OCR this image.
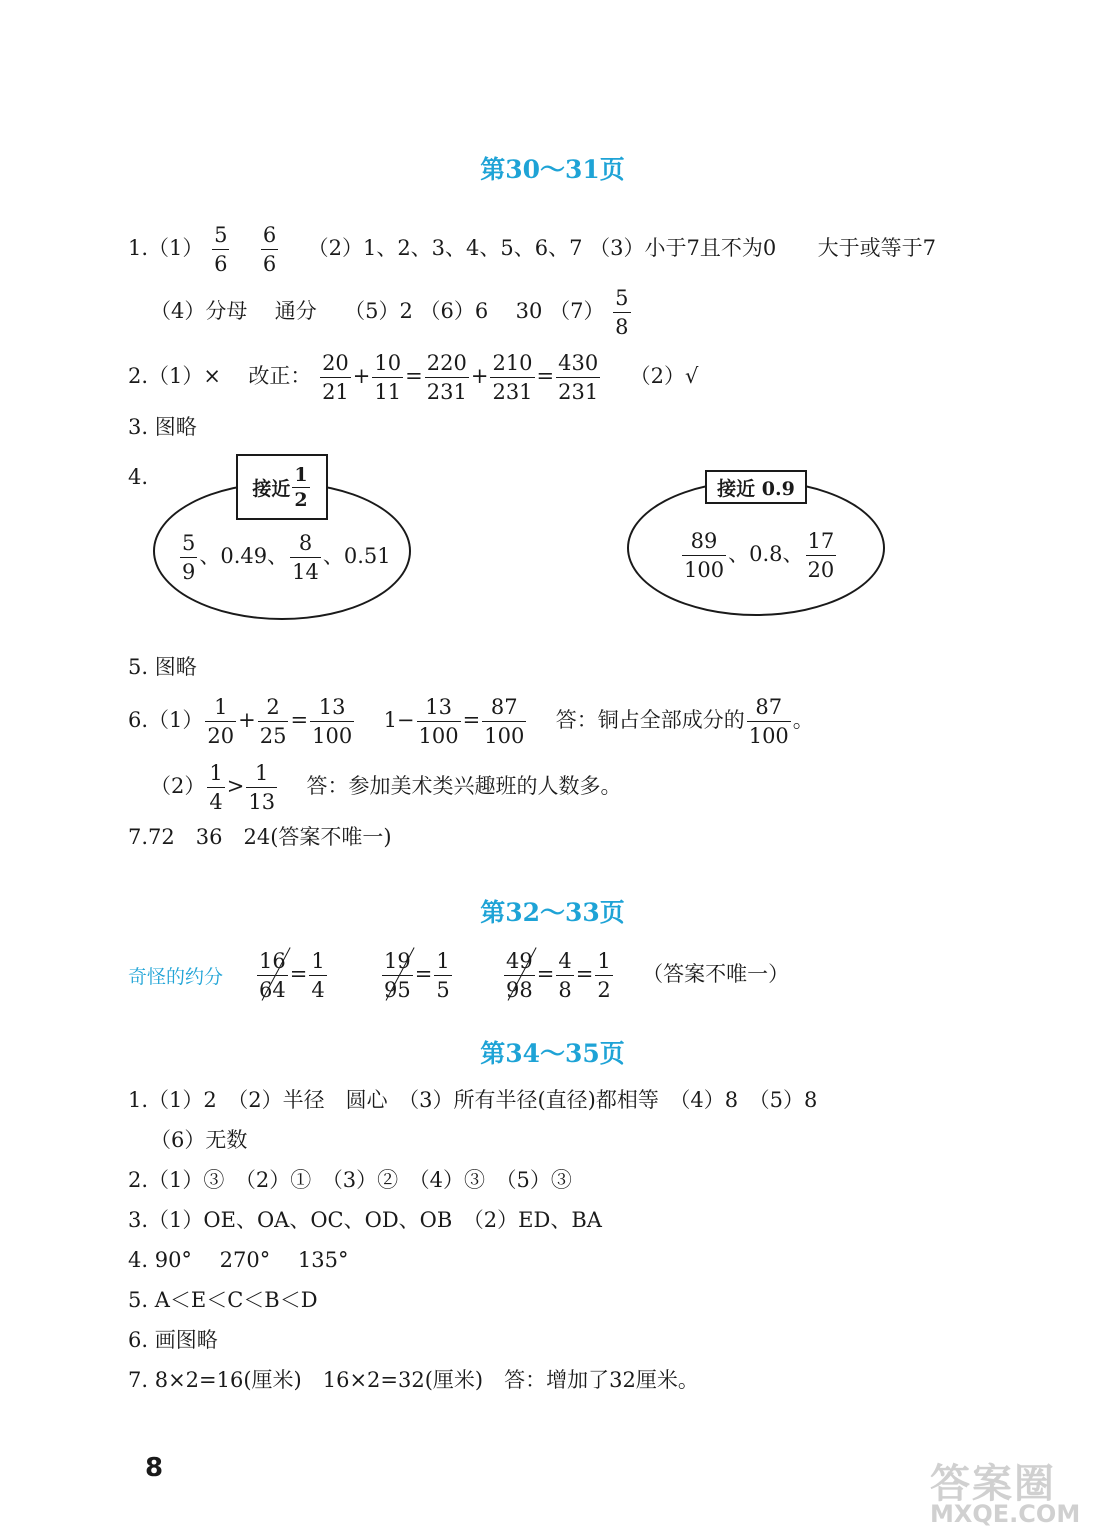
第30～31页
$1.(1) \frac{5}{6}$
$\frac{6}{6} (2)1$、2、3、4、5、6、7 （3）小于7且不为0 大于或等于7
（4）分母 通分 （5）2 （6）6 30 $(7) \frac{5}{8}$
2.（1）× 改正： $\frac{20}{21} + \frac{10}{11} = \frac{220}{231} + \frac{210}{231} = \frac{430}{231} (2)√$
3. 图略
4.	接近 $\frac{1}{2}$
$\frac{5}{9}$ 、0.49、 $\frac{8}{14}$ 、0.51
接近 0.9
$\frac{89}{100}$ 、0.8、 $\frac{17}{20}$
5. 图略
$6.(1) \frac{1}{20} + \frac{2}{25} = \frac{13}{100} 1- \frac{13}{100} = \frac{87}{100}$ 答：铜占全部成分的 $\frac{87}{100}$ 。
$(2) \frac{1}{4} > \frac{1}{13}$ 答：参加美术类兴趣班的人数多。
7.72　36　24(答案不唯一)
第32～33页
奇怪的约分 $\frac{16}{64} = \frac{1}{4}$	$\frac{19}{95} = \frac{1}{5} \frac{49}{98} = \frac{4}{8} = \frac{1}{2}$ （答案不唯一）
第34～35页
1.（1）2　（2）半径　圆心　（3）所有半径(直径)都相等　（4）8　（5）8
（6）无数
2.（1）③　（2）①　（3）②　（4）③　（5）③
3.（1）OE、OA、OC、OD、OB　（2）ED、BA
4. 90°　 270°　 135°
5. A＜E＜C＜B＜D
6. 画图略
7. 8×2=16(厘米)　16×2=32(厘米)　答：增加了32厘米。
8	答案圈
MXQE.COM
